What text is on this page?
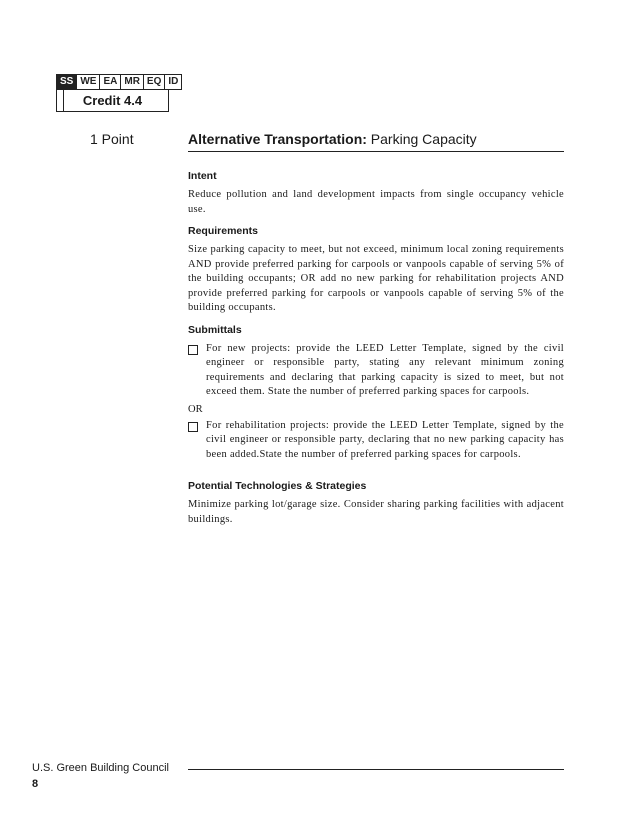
SS WE EA MR EQ ID
Credit 4.4
1 Point	Alternative Transportation: Parking Capacity
Intent
Reduce pollution and land development impacts from single occupancy vehicle use.
Requirements
Size parking capacity to meet, but not exceed, minimum local zoning requirements AND provide preferred parking for carpools or vanpools capable of serving 5% of the building occupants; OR add no new parking for rehabilitation projects AND provide preferred parking for carpools or vanpools capable of serving 5% of the building occupants.
Submittals
For new projects: provide the LEED Letter Template, signed by the civil engineer or responsible party, stating any relevant minimum zoning requirements and declaring that parking capacity is sized to meet, but not exceed them. State the number of preferred parking spaces for carpools.
OR
For rehabilitation projects: provide the LEED Letter Template, signed by the civil engineer or responsible party, declaring that no new parking capacity has been added.State the number of preferred parking spaces for carpools.
Potential Technologies & Strategies
Minimize parking lot/garage size. Consider sharing parking facilities with adjacent buildings.
U.S. Green Building Council
8
